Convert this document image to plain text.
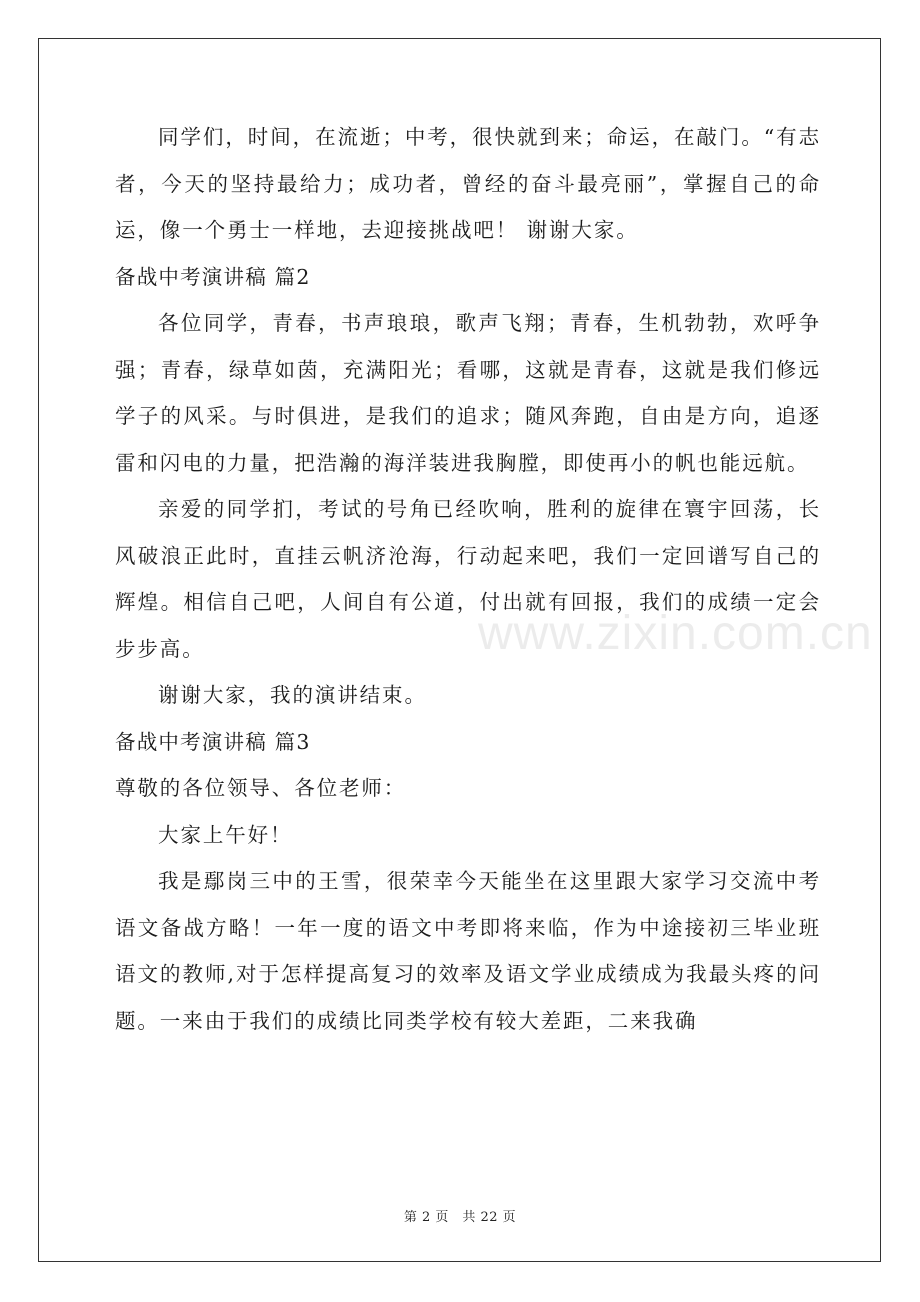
同学们，时间，在流逝；中考，很快就到来；命运，在敲门。“有志者，今天的坚持最给力；成功者，曾经的奋斗最亮丽”，掌握自己的命运，像一个勇士一样地，去迎接挑战吧！ 谢谢大家。

备战中考演讲稿 篇2

各位同学，青春，书声琅琅，歌声飞翔；青春，生机勃勃，欢呼争强；青春，绿草如茵，充满阳光；看哪，这就是青春，这就是我们修远学子的风采。与时俱进，是我们的追求；随风奔跑，自由是方向，追逐雷和闪电的力量，把浩瀚的海洋装进我胸膛，即使再小的帆也能远航。

亲爱的同学扪，考试的号角已经吹响，胜利的旋律在寰宇回荡，长风破浪正此时，直挂云帆济沧海，行动起来吧，我们一定回谱写自己的辉煌。相信自己吧，人间自有公道，付出就有回报，我们的成绩一定会步步高。

谢谢大家，我的演讲结束。

备战中考演讲稿 篇3

尊敬的各位领导、各位老师：

大家上午好！

我是鄢岗三中的王雪，很荣幸今天能坐在这里跟大家学习交流中考语文备战方略！一年一度的语文中考即将来临，作为中途接初三毕业班语文的教师,对于怎样提高复习的效率及语文学业成绩成为我最头疼的问题。一来由于我们的成绩比同类学校有较大差距，二来我确

www.zixin.com.cn
第 2 页　共 22 页
